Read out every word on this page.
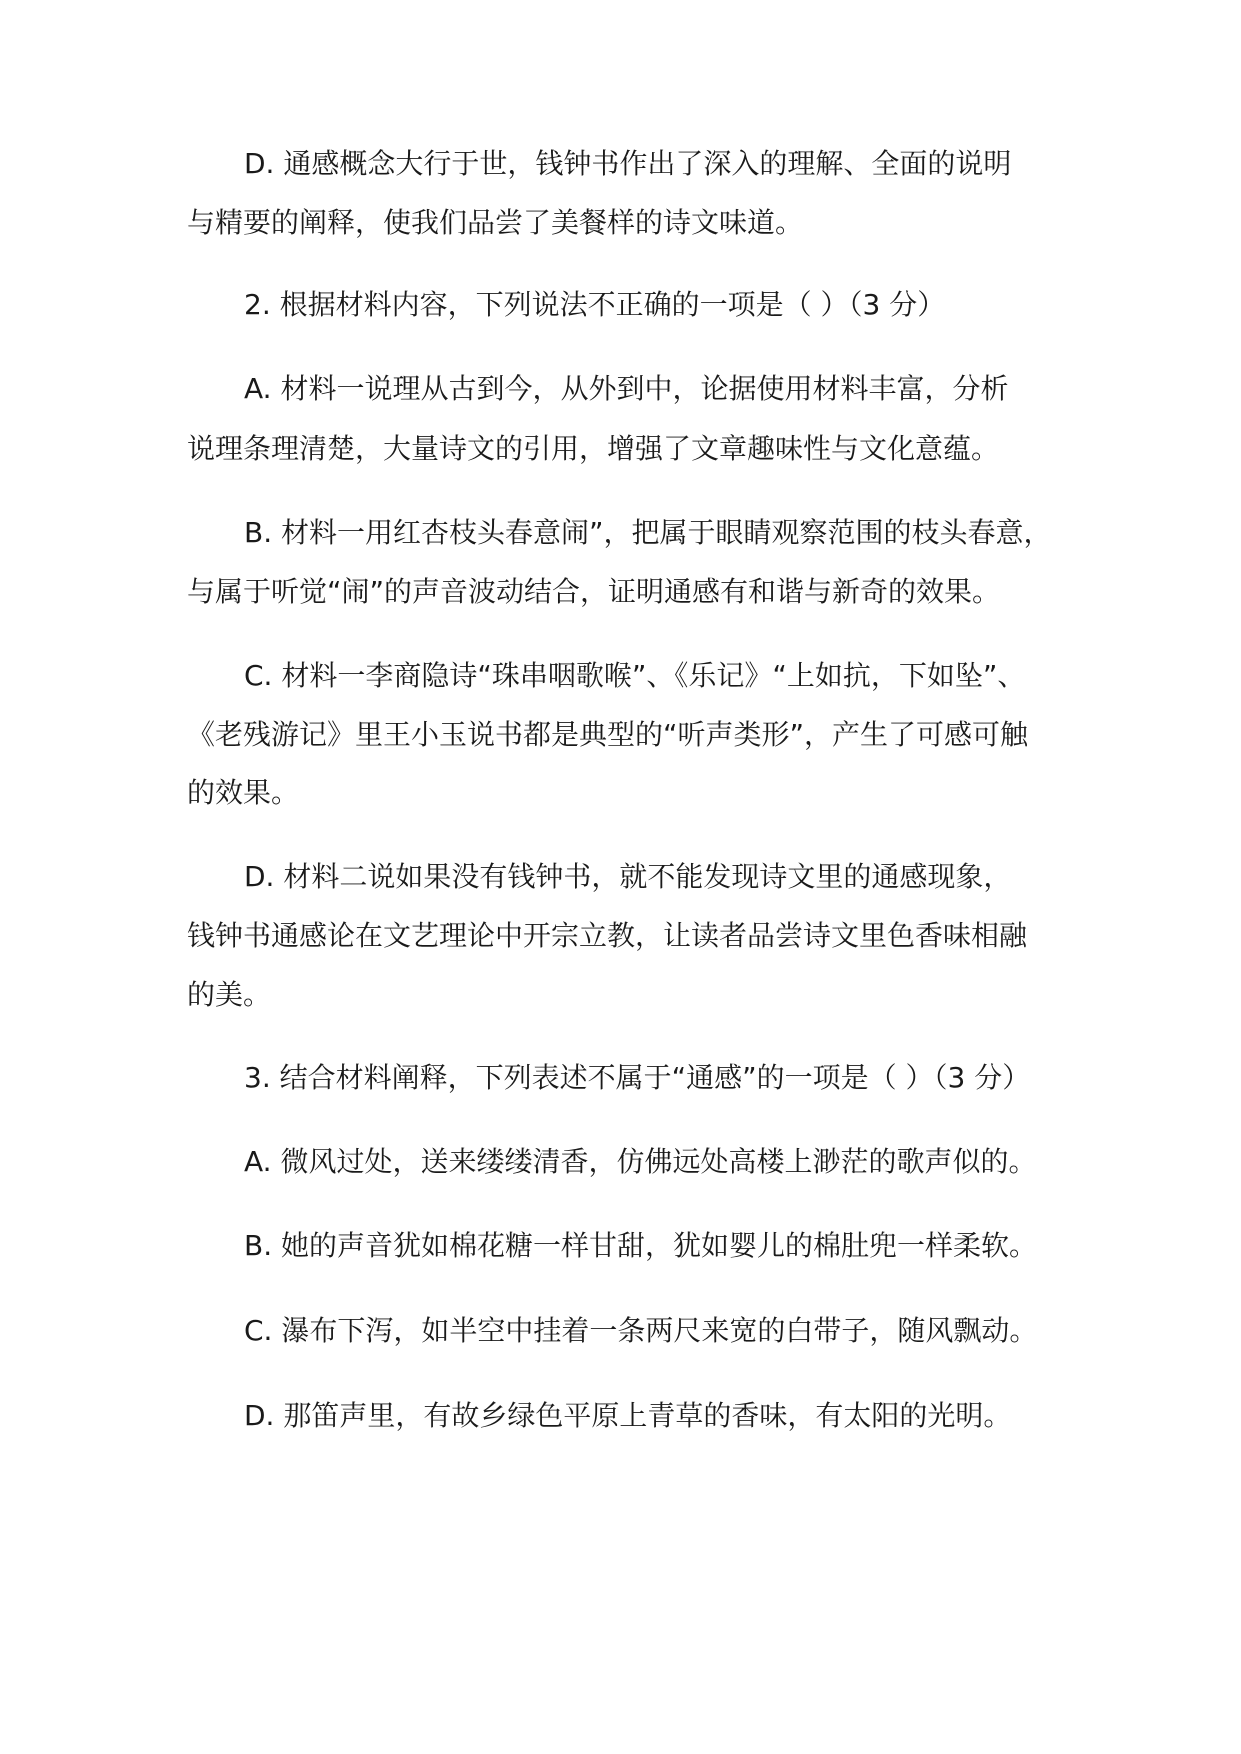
D. 通感概念大行于世，钱钟书作出了深入的理解、全面的说明
与精要的阐释，使我们品尝了美餐样的诗文味道。
2. 根据材料内容，下列说法不正确的一项是（ ）（3 分）
A. 材料一说理从古到今，从外到中，论据使用材料丰富，分析
说理条理清楚，大量诗文的引用，增强了文章趣味性与文化意蕴。
B. 材料一用红杏枝头春意闹”，把属于眼睛观察范围的枝头春意，
与属于听觉“闹”的声音波动结合，证明通感有和谐与新奇的效果。
C. 材料一李商隐诗“珠串咽歌喉”、《乐记》“上如抗，下如坠”、
《老残游记》里王小玉说书都是典型的“听声类形”，产生了可感可触
的效果。
D. 材料二说如果没有钱钟书，就不能发现诗文里的通感现象，
钱钟书通感论在文艺理论中开宗立教，让读者品尝诗文里色香味相融
的美。
3. 结合材料阐释，下列表述不属于“通感”的一项是（ ）（3 分）
A. 微风过处，送来缕缕清香，仿佛远处高楼上渺茫的歌声似的。
B. 她的声音犹如棉花糖一样甘甜，犹如婴儿的棉肚兜一样柔软。
C. 瀑布下泻，如半空中挂着一条两尺来宽的白带子，随风飘动。
D. 那笛声里，有故乡绿色平原上青草的香味，有太阳的光明。
